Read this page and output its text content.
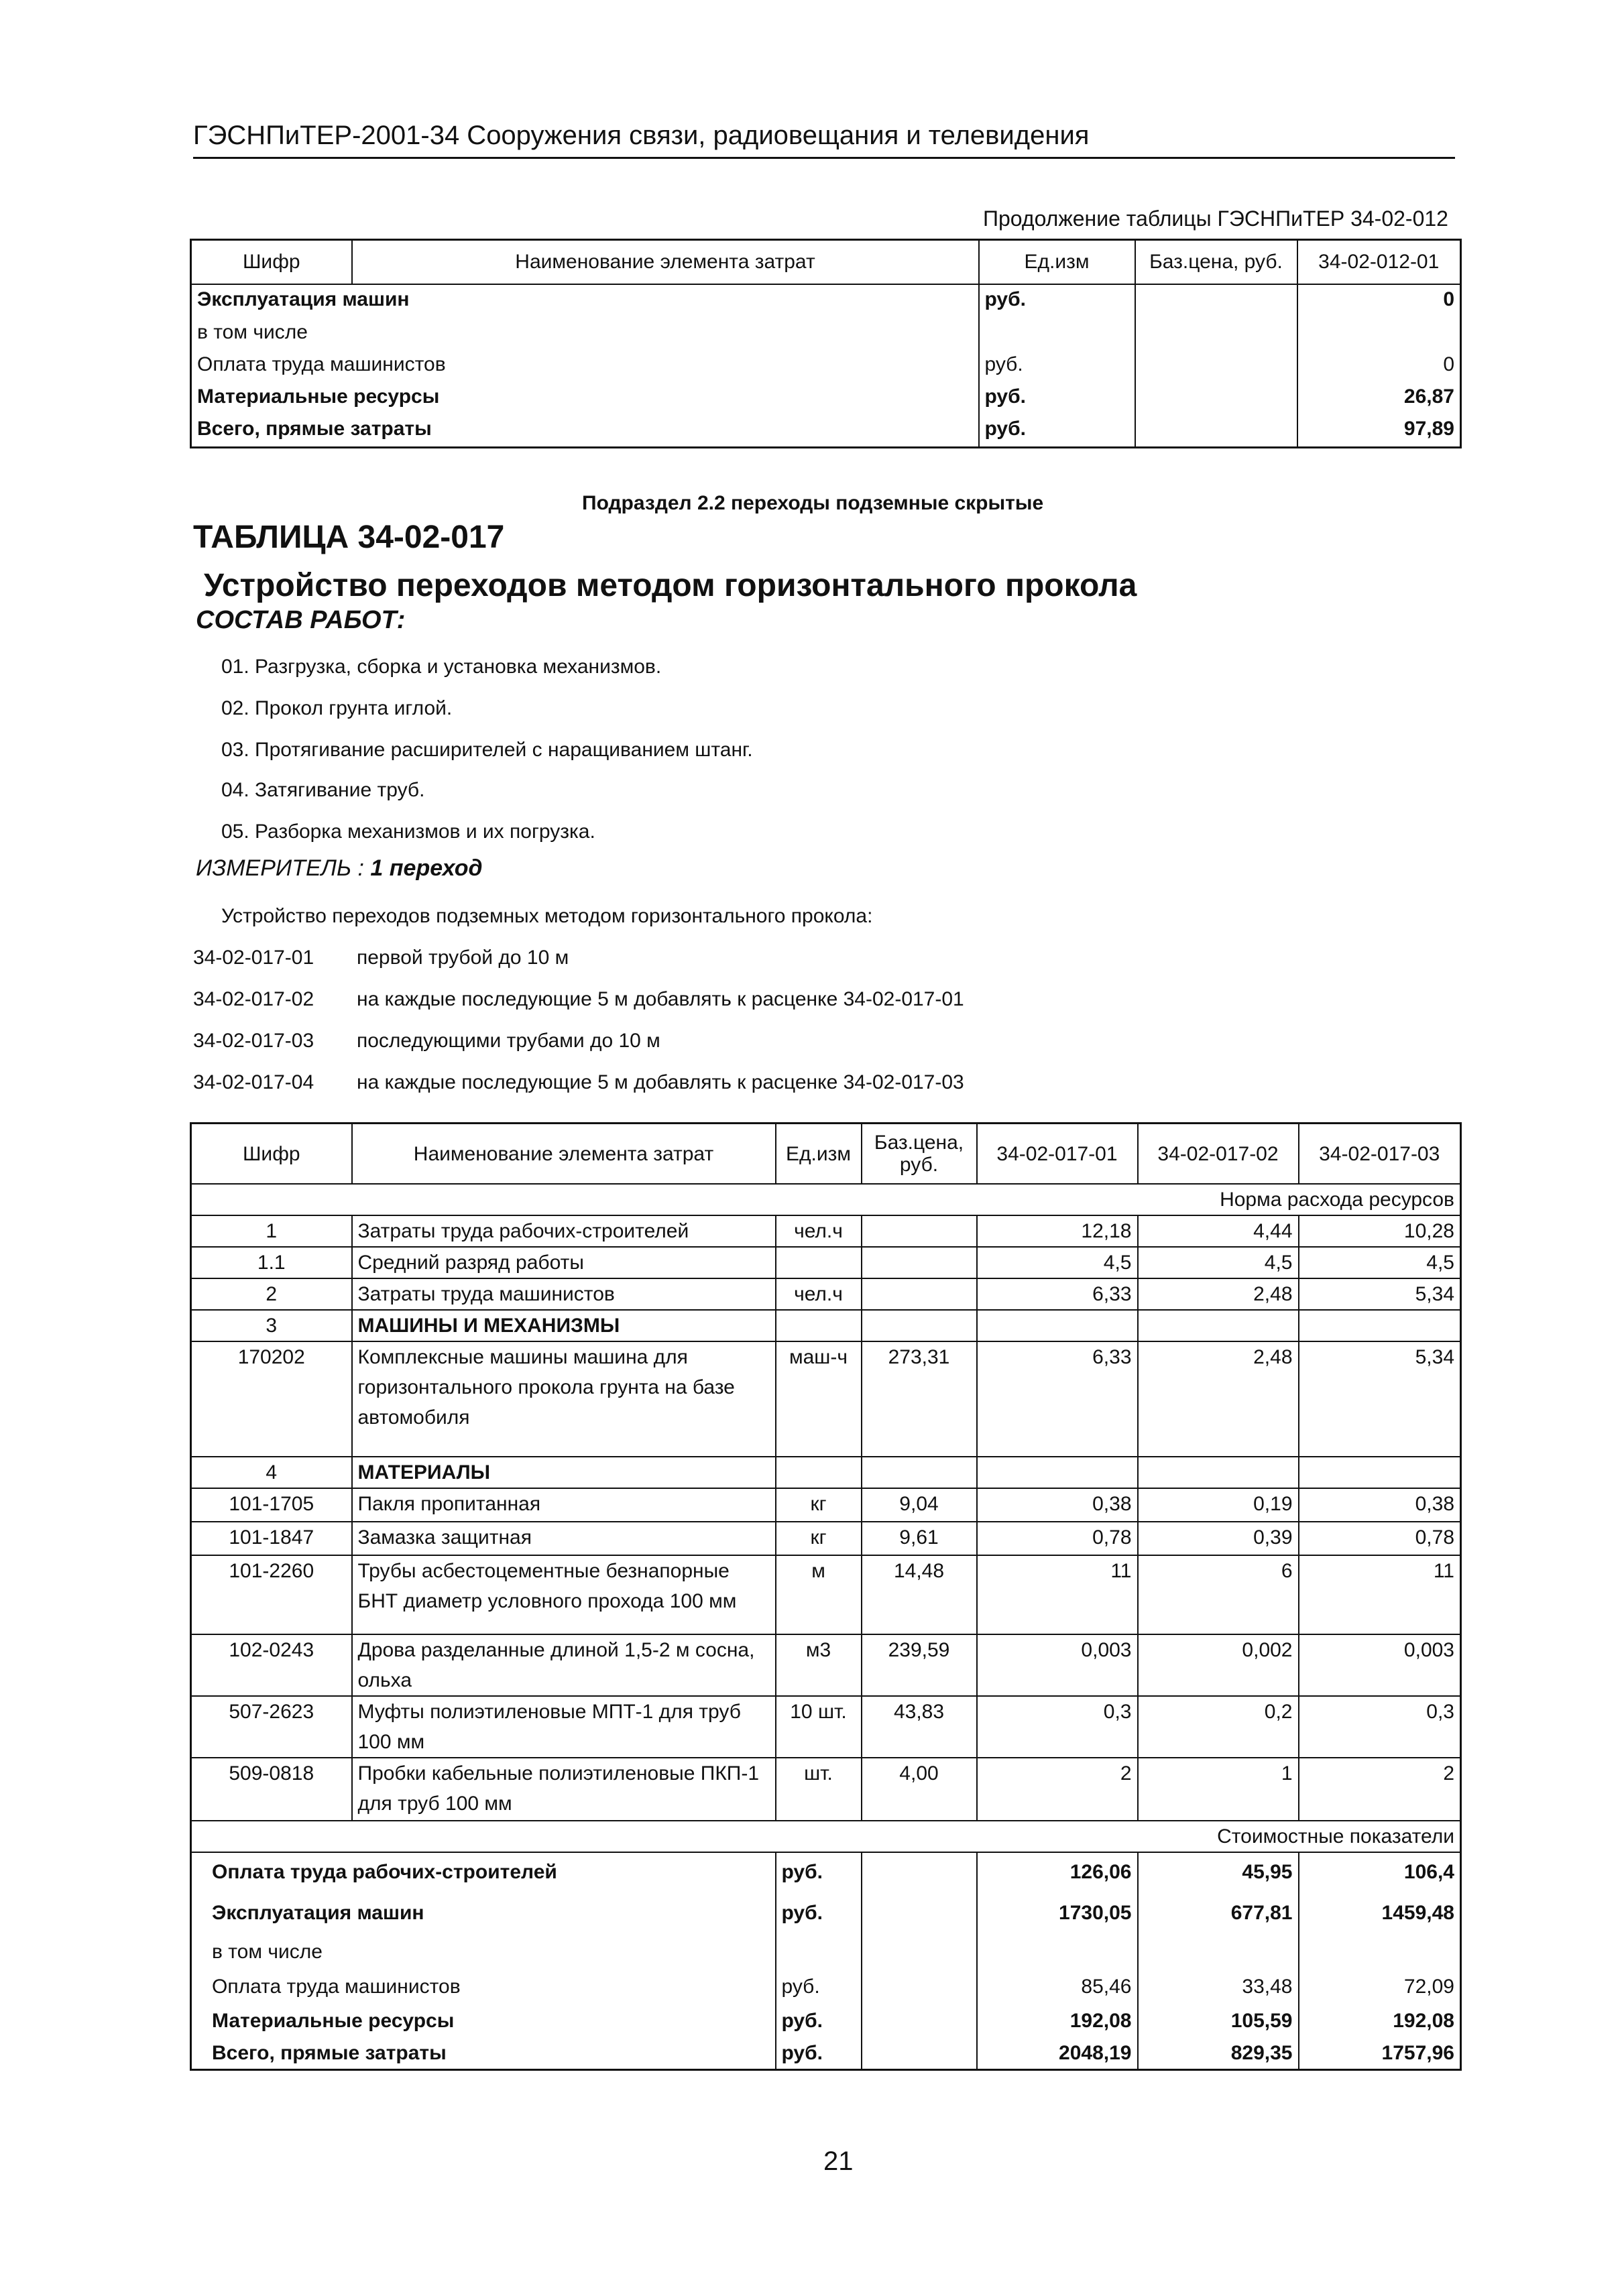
ГЭСНПиТЕР-2001-34 Сооружения связи, радиовещания и телевидения
Продолжение таблицы ГЭСНПиТЕР 34-02-012
Шифр	Наименование элемента затрат	Ед.изм	Баз.цена, руб.	34-02-012-01
Эксплуатация машин		руб.		0
в том числе				
Оплата труда машинистов		руб.		0
Материальные ресурсы		руб.		26,87
Всего, прямые затраты		руб.		97,89
Подраздел 2.2 переходы подземные скрытые
ТАБЛИЦА 34-02-017
Устройство переходов методом горизонтального прокола
СОСТАВ РАБОТ:
01. Разгрузка, сборка и установка механизмов.
02. Прокол грунта иглой.
03. Протягивание расширителей с наращиванием штанг.
04. Затягивание труб.
05. Разборка механизмов и их погрузка.
ИЗМЕРИТЕЛЬ : 1 переход
Устройство переходов подземных методом горизонтального прокола:
34-02-017-01 первой трубой до 10 м
34-02-017-02 на каждые последующие 5 м добавлять к расценке 34-02-017-01
34-02-017-03 последующими трубами до 10 м
34-02-017-04 на каждые последующие 5 м добавлять к расценке 34-02-017-03
Шифр	Наименование элемента затрат	Ед.изм	Баз.цена, руб.	34-02-017-01	34-02-017-02	34-02-017-03
Норма расхода ресурсов						
1	Затраты труда рабочих-строителей	чел.ч		12,18	4,44	10,28
1.1	Средний разряд работы			4,5	4,5	4,5
2	Затраты труда машинистов	чел.ч		6,33	2,48	5,34
3	МАШИНЫ И МЕХАНИЗМЫ					
170202	Комплексные машины машина для горизонтального прокола грунта на базе автомобиля	маш-ч	273,31	6,33	2,48	5,34
4	МАТЕРИАЛЫ					
101-1705	Пакля пропитанная	кг	9,04	0,38	0,19	0,38
101-1847	Замазка защитная	кг	9,61	0,78	0,39	0,78
101-2260	Трубы асбестоцементные безнапорные БНТ диаметр условного прохода 100 мм	м	14,48	11	6	11
102-0243	Дрова разделанные длиной 1,5-2 м сосна, ольха	м3	239,59	0,003	0,002	0,003
507-2623	Муфты полиэтиленовые МПТ-1 для труб 100 мм	10 шт.	43,83	0,3	0,2	0,3
509-0818	Пробки кабельные полиэтиленовые ПКП-1 для труб 100 мм	шт.	4,00	2	1	2
Стоимостные показатели						
Оплата труда рабочих-строителей		руб.		126,06	45,95	106,4
Эксплуатация машин		руб.		1730,05	677,81	1459,48
в том числе						
Оплата труда машинистов		руб.		85,46	33,48	72,09
Материальные ресурсы		руб.		192,08	105,59	192,08
Всего, прямые затраты		руб.		2048,19	829,35	1757,96
21
